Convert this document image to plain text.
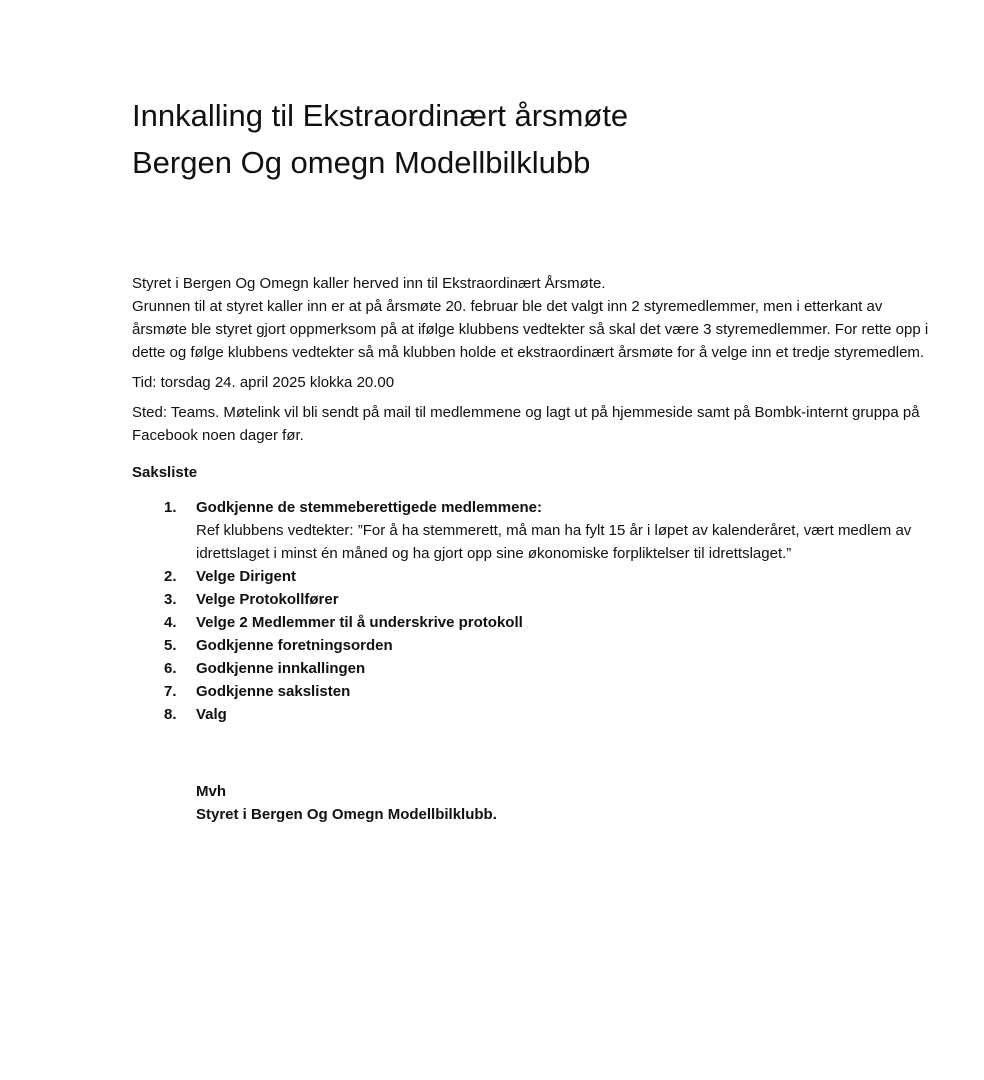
Innkalling til Ekstraordinært årsmøte
Bergen Og omegn Modellbilklubb

Styret i Bergen Og Omegn kaller herved inn til Ekstraordinært Årsmøte.
Grunnen til at styret kaller inn er at på årsmøte 20. februar ble det valgt inn 2 styremedlemmer, men i etterkant av årsmøte ble styret gjort oppmerksom på at ifølge klubbens vedtekter så skal det være 3 styremedlemmer. For rette opp i dette og følge klubbens vedtekter så må klubben holde et ekstraordinært årsmøte for å velge inn et tredje styremedlem.

Tid: torsdag 24. april 2025 klokka 20.00

Sted: Teams. Møtelink vil bli sendt på mail til medlemmene og lagt ut på hjemmeside samt på Bombk-internt gruppa på Facebook noen dager før.

Saksliste
1. Godkjenne de stemmeberettigede medlemmene:
Ref klubbens vedtekter: ”For å ha stemmerett, må man ha fylt 15 år i løpet av kalenderåret, vært medlem av idrettslaget i minst én måned og ha gjort opp sine økonomiske forpliktelser til idrettslaget.”
2. Velge Dirigent
3. Velge Protokollfører
4. Velge 2 Medlemmer til å underskrive protokoll
5. Godkjenne foretningsorden
6. Godkjenne innkallingen
7. Godkjenne sakslisten
8. Valg
Mvh
Styret i Bergen Og Omegn Modellbilklubb.
